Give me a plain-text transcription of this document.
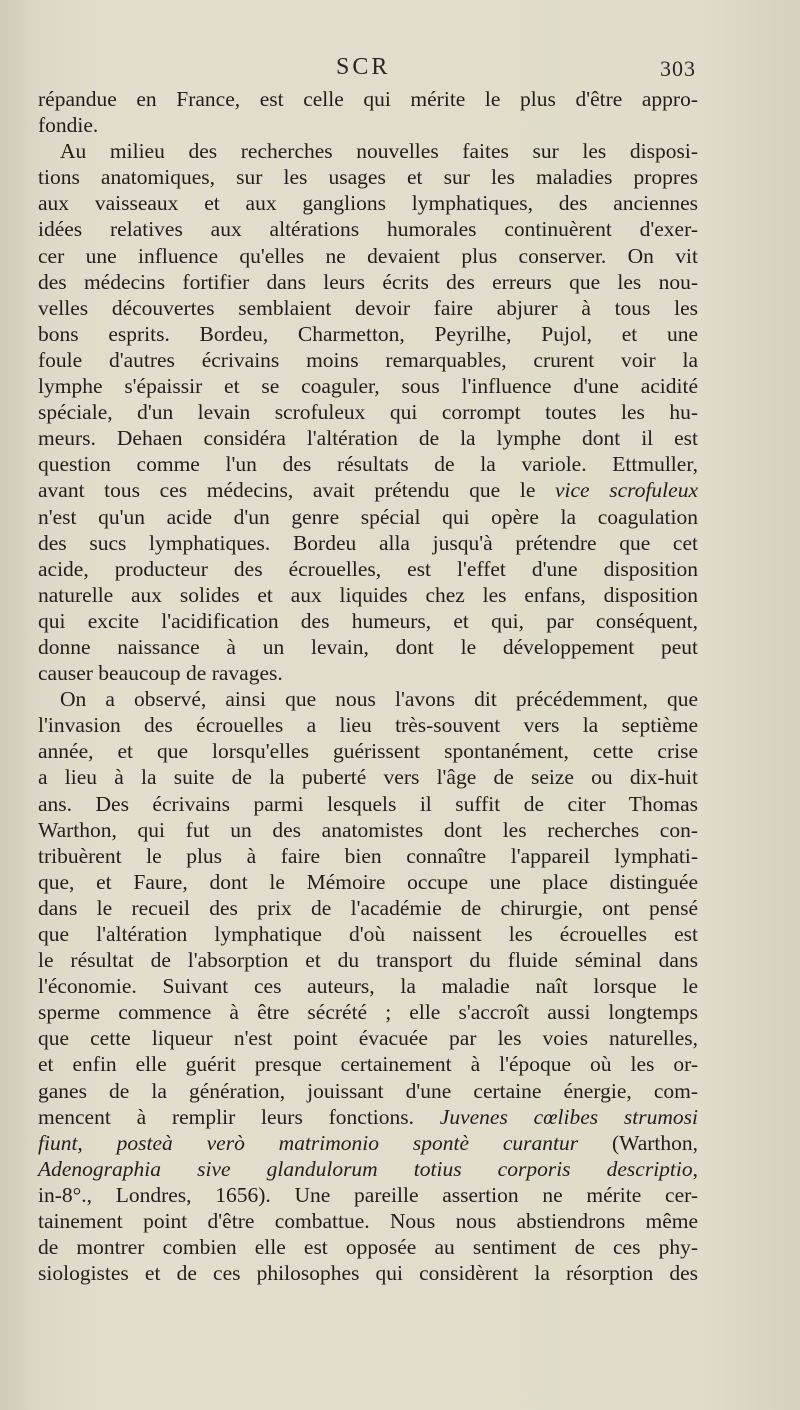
SCR	303
répandue en France, est celle qui mérite le plus d'être appro-
fondie.
Au milieu des recherches nouvelles faites sur les disposi-
tions anatomiques, sur les usages et sur les maladies propres
aux vaisseaux et aux ganglions lymphatiques, des anciennes
idées relatives aux altérations humorales continuèrent d'exer-
cer une influence qu'elles ne devaient plus conserver. On vit
des médecins fortifier dans leurs écrits des erreurs que les nou-
velles découvertes semblaient devoir faire abjurer à tous les
bons esprits. Bordeu, Charmetton, Peyrilhe, Pujol, et une
foule d'autres écrivains moins remarquables, crurent voir la
lymphe s'épaissir et se coaguler, sous l'influence d'une acidité
spéciale, d'un levain scrofuleux qui corrompt toutes les hu-
meurs. Dehaen considéra l'altération de la lymphe dont il est
question comme l'un des résultats de la variole. Ettmuller,
avant tous ces médecins, avait prétendu que le vice scrofuleux
n'est qu'un acide d'un genre spécial qui opère la coagulation
des sucs lymphatiques. Bordeu alla jusqu'à prétendre que cet
acide, producteur des écrouelles, est l'effet d'une disposition
naturelle aux solides et aux liquides chez les enfans, disposition
qui excite l'acidification des humeurs, et qui, par conséquent,
donne naissance à un levain, dont le développement peut
causer beaucoup de ravages.
On a observé, ainsi que nous l'avons dit précédemment, que
l'invasion des écrouelles a lieu très-souvent vers la septième
année, et que lorsqu'elles guérissent spontanément, cette crise
a lieu à la suite de la puberté vers l'âge de seize ou dix-huit
ans. Des écrivains parmi lesquels il suffit de citer Thomas
Warthon, qui fut un des anatomistes dont les recherches con-
tribuèrent le plus à faire bien connaître l'appareil lymphati-
que, et Faure, dont le Mémoire occupe une place distinguée
dans le recueil des prix de l'académie de chirurgie, ont pensé
que l'altération lymphatique d'où naissent les écrouelles est
le résultat de l'absorption et du transport du fluide séminal dans
l'économie. Suivant ces auteurs, la maladie naît lorsque le
sperme commence à être sécrété ; elle s'accroît aussi longtemps
que cette liqueur n'est point évacuée par les voies naturelles,
et enfin elle guérit presque certainement à l'époque où les or-
ganes de la génération, jouissant d'une certaine énergie, com-
mencent à remplir leurs fonctions. Juvenes cœlibes strumosi
fiunt, posteà verò matrimonio spontè curantur (Warthon,
Adenographia sive glandulorum totius corporis descriptio,
in-8°., Londres, 1656). Une pareille assertion ne mérite cer-
tainement point d'être combattue. Nous nous abstiendrons même
de montrer combien elle est opposée au sentiment de ces phy-
siologistes et de ces philosophes qui considèrent la résorption des
